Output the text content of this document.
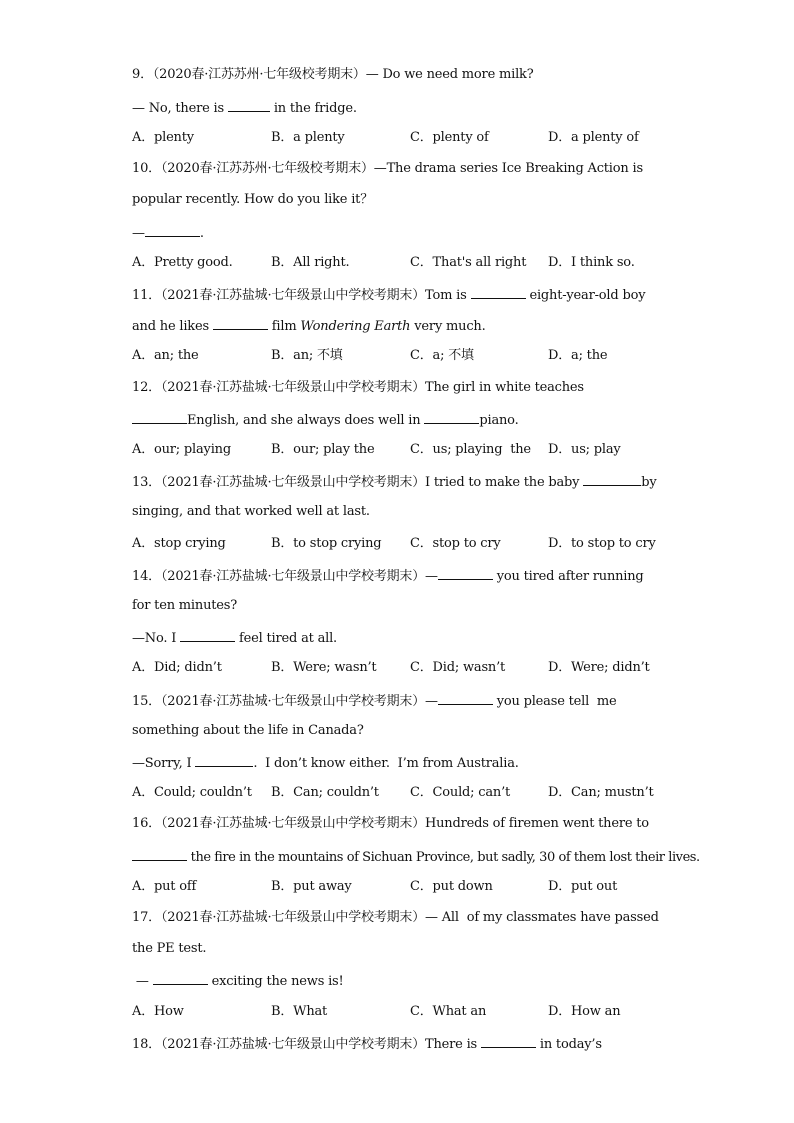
9．（2020春·江苏苏州·七年级校考期末）— Do we need more milk?
— No, there is	in the fridge.
A．plenty	B．a plenty	C．plenty of	D．a plenty of
10．（2020春·江苏苏州·七年级校考期末）—The drama series Ice Breaking Action is
popular recently. How do you like it？
—	.
A．Pretty good.	B．All right.	C．That's all right D．I think so.
11．（2021春·江苏盐城·七年级景山中学校考期末）Tom is	eight-year-old boy
and he likes	film Wondering Earth very much.
A．an; the	B．an; 不填	C．a; 不填	D．a; the
12．（2021春·江苏盐城·七年级景山中学校考期末）The girl in white teaches
English, and she always does well in	piano.
A．our; playing	B．our; play the	C．us; playing  the D．us; play
13．（2021春·江苏盐城·七年级景山中学校考期末）I tried to make the baby	by
singing, and that worked well at last.
A．stop crying	B．to stop crying C．stop to cry	D．to stop to cry
14．（2021春·江苏盐城·七年级景山中学校考期末）—	you tired after running
for ten minutes?
—No. I	feel tired at all.
A．Did; didn’t	B．Were; wasn’t	C．Did; wasn’t	D．Were; didn’t
15．（2021春·江苏盐城·七年级景山中学校考期末）—	you please tell  me
something about the life in Canada?
—Sorry, I	.  I don’t know either.  I’m from Australia.
A．Could; couldn’t B．Can; couldn’t C．Could; can’t	D．Can; mustn’t
16．（2021春·江苏盐城·七年级景山中学校考期末）Hundreds of firemen went there to
the fire in the mountains of Sichuan Province, but sadly, 30 of them lost their lives.
A．put off	B．put away	C．put down	D．put out
17．（2021春·江苏盐城·七年级景山中学校考期末）— All  of my classmates have passed
the PE test.
—	exciting the news is!
A．How	B．What	C．What an	D．How an
18．（2021春·江苏盐城·七年级景山中学校考期末）There is	in today’s
